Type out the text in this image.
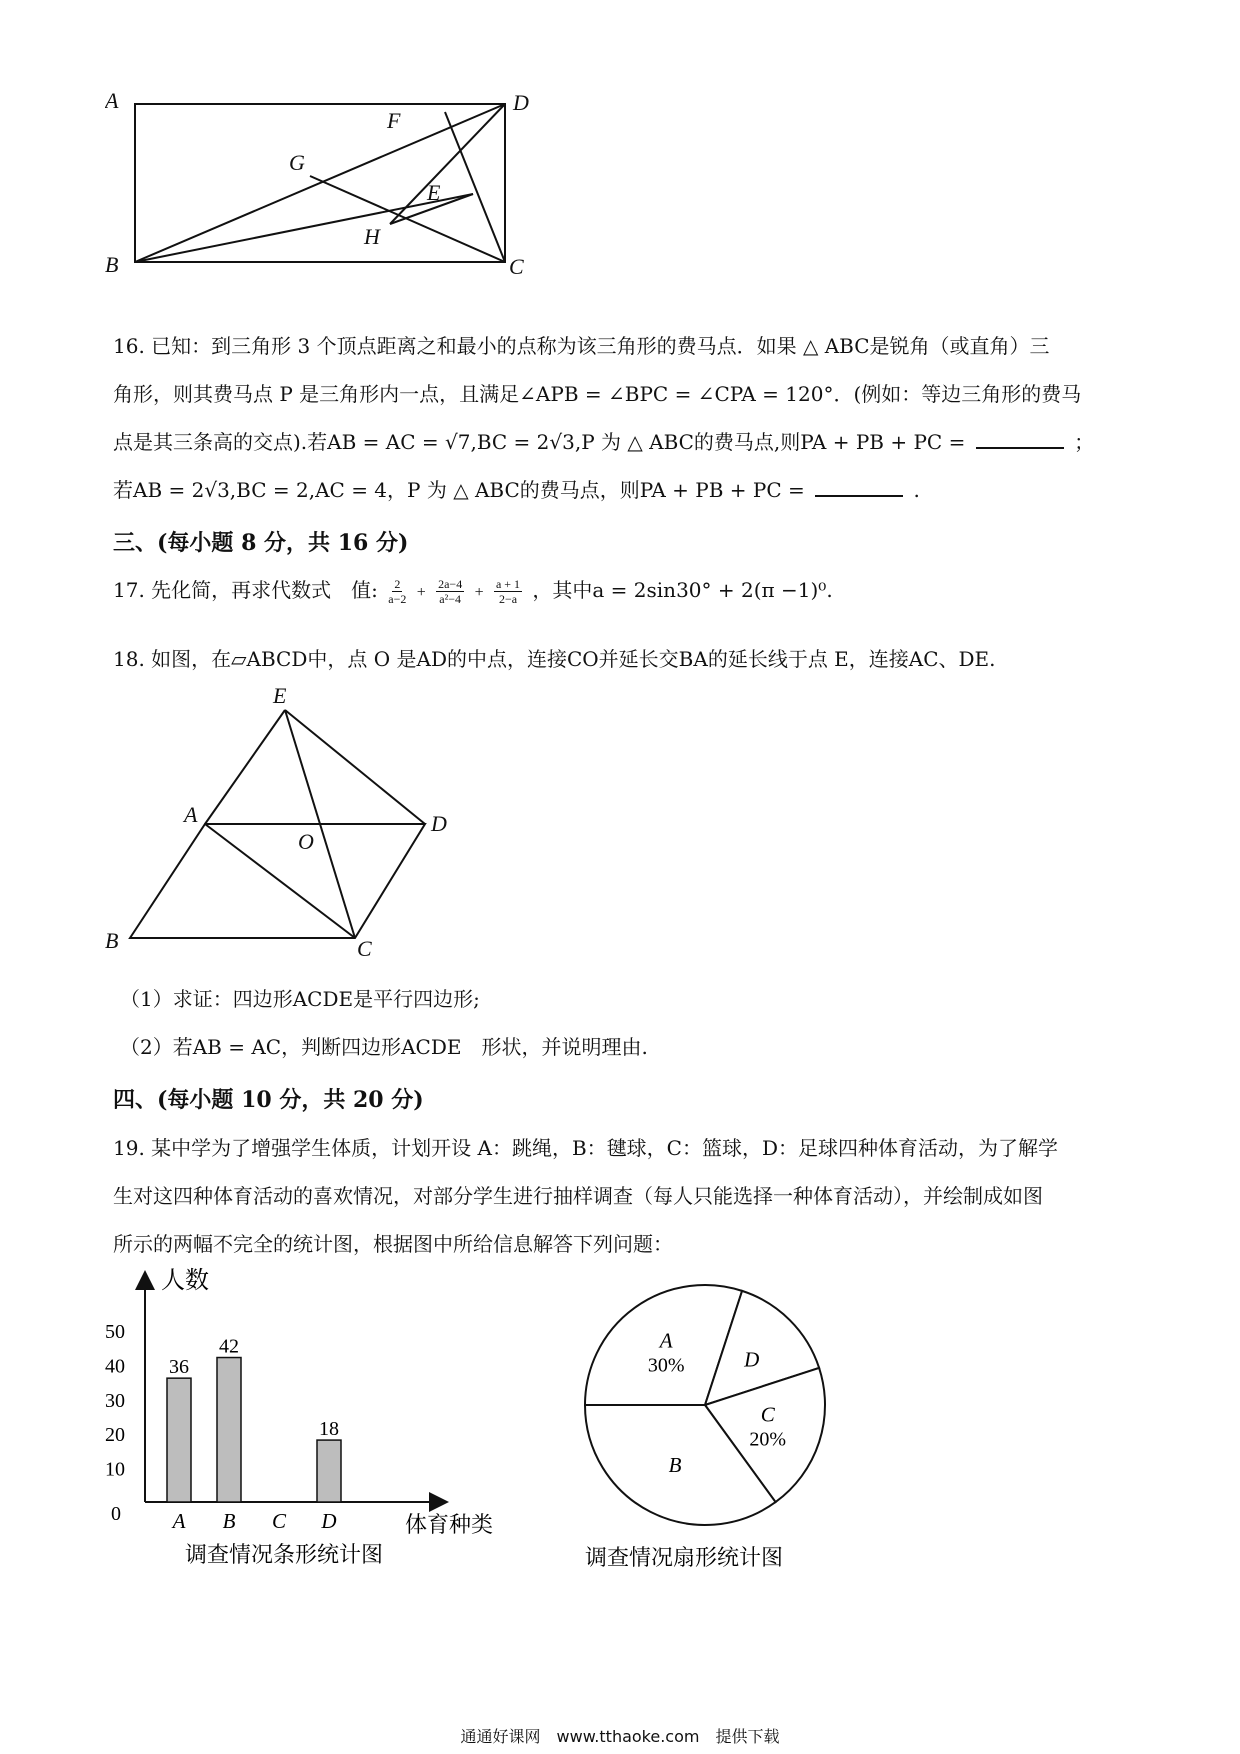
A	D
F
G
E
H
B	C
16. 已知：到三角形 3 个顶点距离之和最小的点称为该三角形的费马点．如果 △ ABC是锐角（或直角）三
角形，则其费马点 P 是三角形内一点，且满足∠APB = ∠BPC = ∠CPA = 120°．(例如：等边三角形的费马
点是其三条高的交点).若AB = AC = √7,BC = 2√3,P 为 △ ABC的费马点,则PA + PB + PC =	；
若AB = 2√3,BC = 2,AC = 4，P 为 △ ABC的费马点，则PA + PB + PC =	.
三、(每小题 8 分，共 16 分)
17. 先化简，再求代数式　值: $\frac{2}{a-2} + \frac{2a-4}{\text{a²−4}} + \frac{a + 1}{2-a}$ ，其中a = 2sin30° + 2(π −1)⁰.
18. 如图，在▱ABCD中，点 O 是AD的中点，连接CO并延长交BA的延长线于点 E，连接AC、DE.
E
A
O
D
B	C
（1）求证：四边形ACDE是平行四边形;
（2）若AB = AC，判断四边形ACDE　形状，并说明理由.
四、(每小题 10 分，共 20 分)
19. 某中学为了增强学生体质，计划开设 A：跳绳，B：毽球，C：篮球，D：足球四种体育活动，为了解学
生对这四种体育活动的喜欢情况，对部分学生进行抽样调查（每人只能选择一种体育活动），并绘制成如图
所示的两幅不完全的统计图，根据图中所给信息解答下列问题：
人数
体育种类
0
10
20
30
40
50
36
42
18
A B C D
调查情况条形统计图
A
30%	D
C
20%
B
调查情况扇形统计图
通通好课网　www.tthaoke.com　提供下载
